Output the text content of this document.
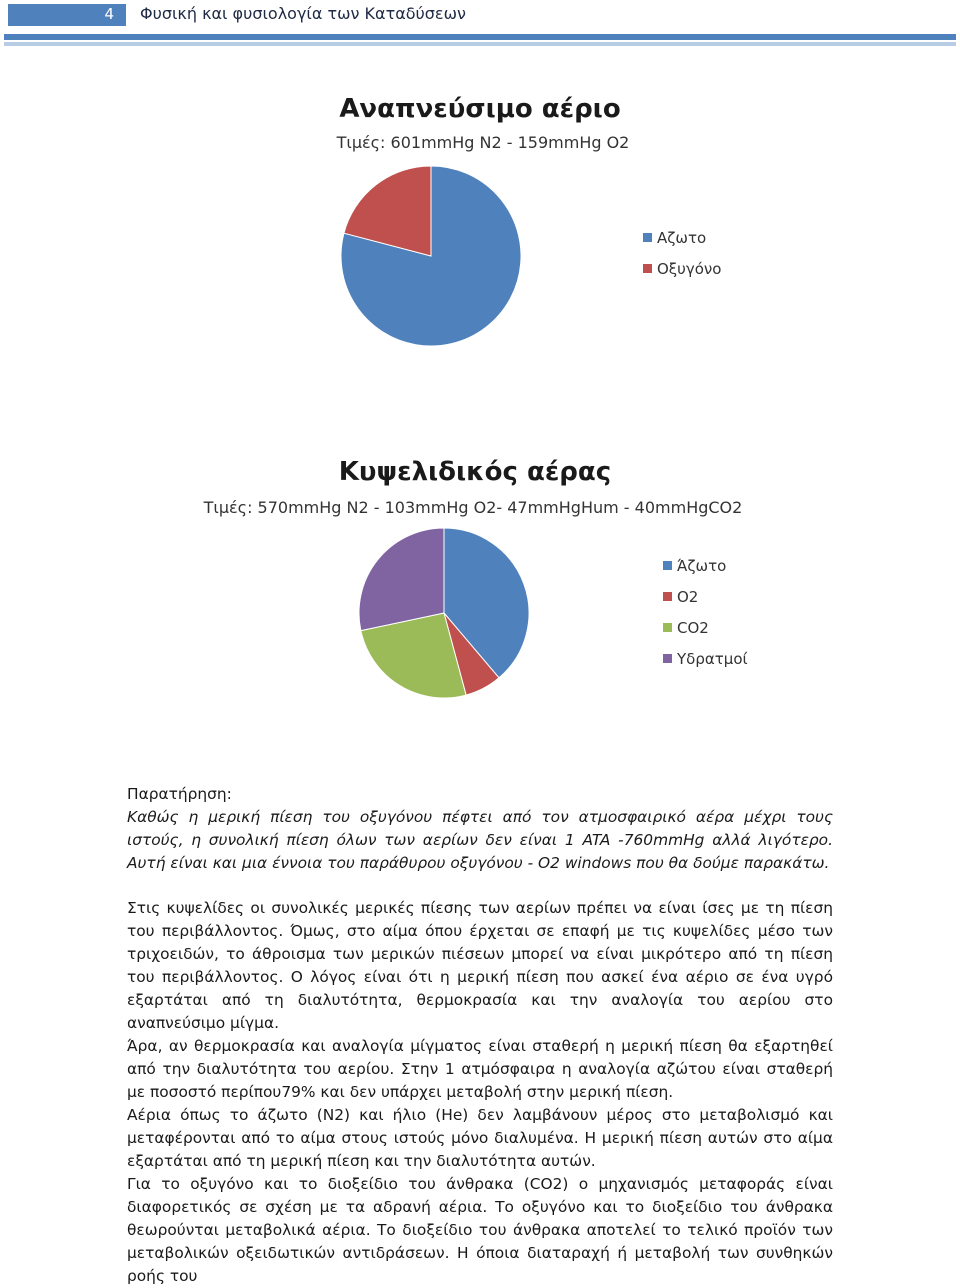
4 Φυσική και φυσιολογία των Καταδύσεων
Αναπνεύσιμο αέριο
Τιμές: 601mmHg N2 - 159mmHg O2
Αζωτο
Οξυγόνο
Κυψελιδικός αέρας
Τιμές: 570mmHg N2 - 103mmHg O2- 47mmHgHum - 40mmHgCO2
Άζωτο
O2
CO2
Υδρατμοί

Παρατήρηση:

Καθώς η μερική πίεση του οξυγόνου πέφτει από τον ατμοσφαιρικό αέρα μέχρι τους ιστούς, η συνολική πίεση όλων των αερίων δεν είναι 1 ATA -760mmHg αλλά λιγότερο. Αυτή είναι και μια έννοια του παράθυρου οξυγόνου - O2 windows που θα δούμε παρακάτω.

Στις κυψελίδες οι συνολικές μερικές πίεσης των αερίων πρέπει να είναι ίσες με τη πίεση του περιβάλλοντος. Όμως, στο αίμα όπου έρχεται σε επαφή με τις κυψελίδες μέσο των τριχοειδών, το άθροισμα των μερικών πιέσεων μπορεί να είναι μικρότερο από τη πίεση του περιβάλλοντος. Ο λόγος είναι ότι η μερική πίεση που ασκεί ένα αέριο σε ένα υγρό εξαρτάται από τη διαλυτότητα, θερμοκρασία και την αναλογία του αερίου στο αναπνεύσιμο μίγμα.

Άρα, αν θερμοκρασία και αναλογία μίγματος είναι σταθερή η μερική πίεση θα εξαρτηθεί από την διαλυτότητα του αερίου. Στην 1 ατμόσφαιρα η αναλογία αζώτου είναι σταθερή με ποσοστό περίπου79% και δεν υπάρχει μεταβολή στην μερική πίεση.

Αέρια όπως το άζωτο (N2) και ήλιο (He) δεν λαμβάνουν μέρος στο μεταβολισμό και μεταφέρονται από το αίμα στους ιστούς μόνο διαλυμένα. Η μερική πίεση αυτών στο αίμα εξαρτάται από τη μερική πίεση και την διαλυτότητα αυτών.

Για το οξυγόνο και το διοξείδιο του άνθρακα (CO2) ο μηχανισμός μεταφοράς είναι διαφορετικός σε σχέση με τα αδρανή αέρια. Το οξυγόνο και το διοξείδιο του άνθρακα θεωρούνται μεταβολικά αέρια. Το διοξείδιο του άνθρακα αποτελεί το τελικό προϊόν των μεταβολικών οξειδωτικών αντιδράσεων. Η όποια διαταραχή ή μεταβολή των συνθηκών ροής του
